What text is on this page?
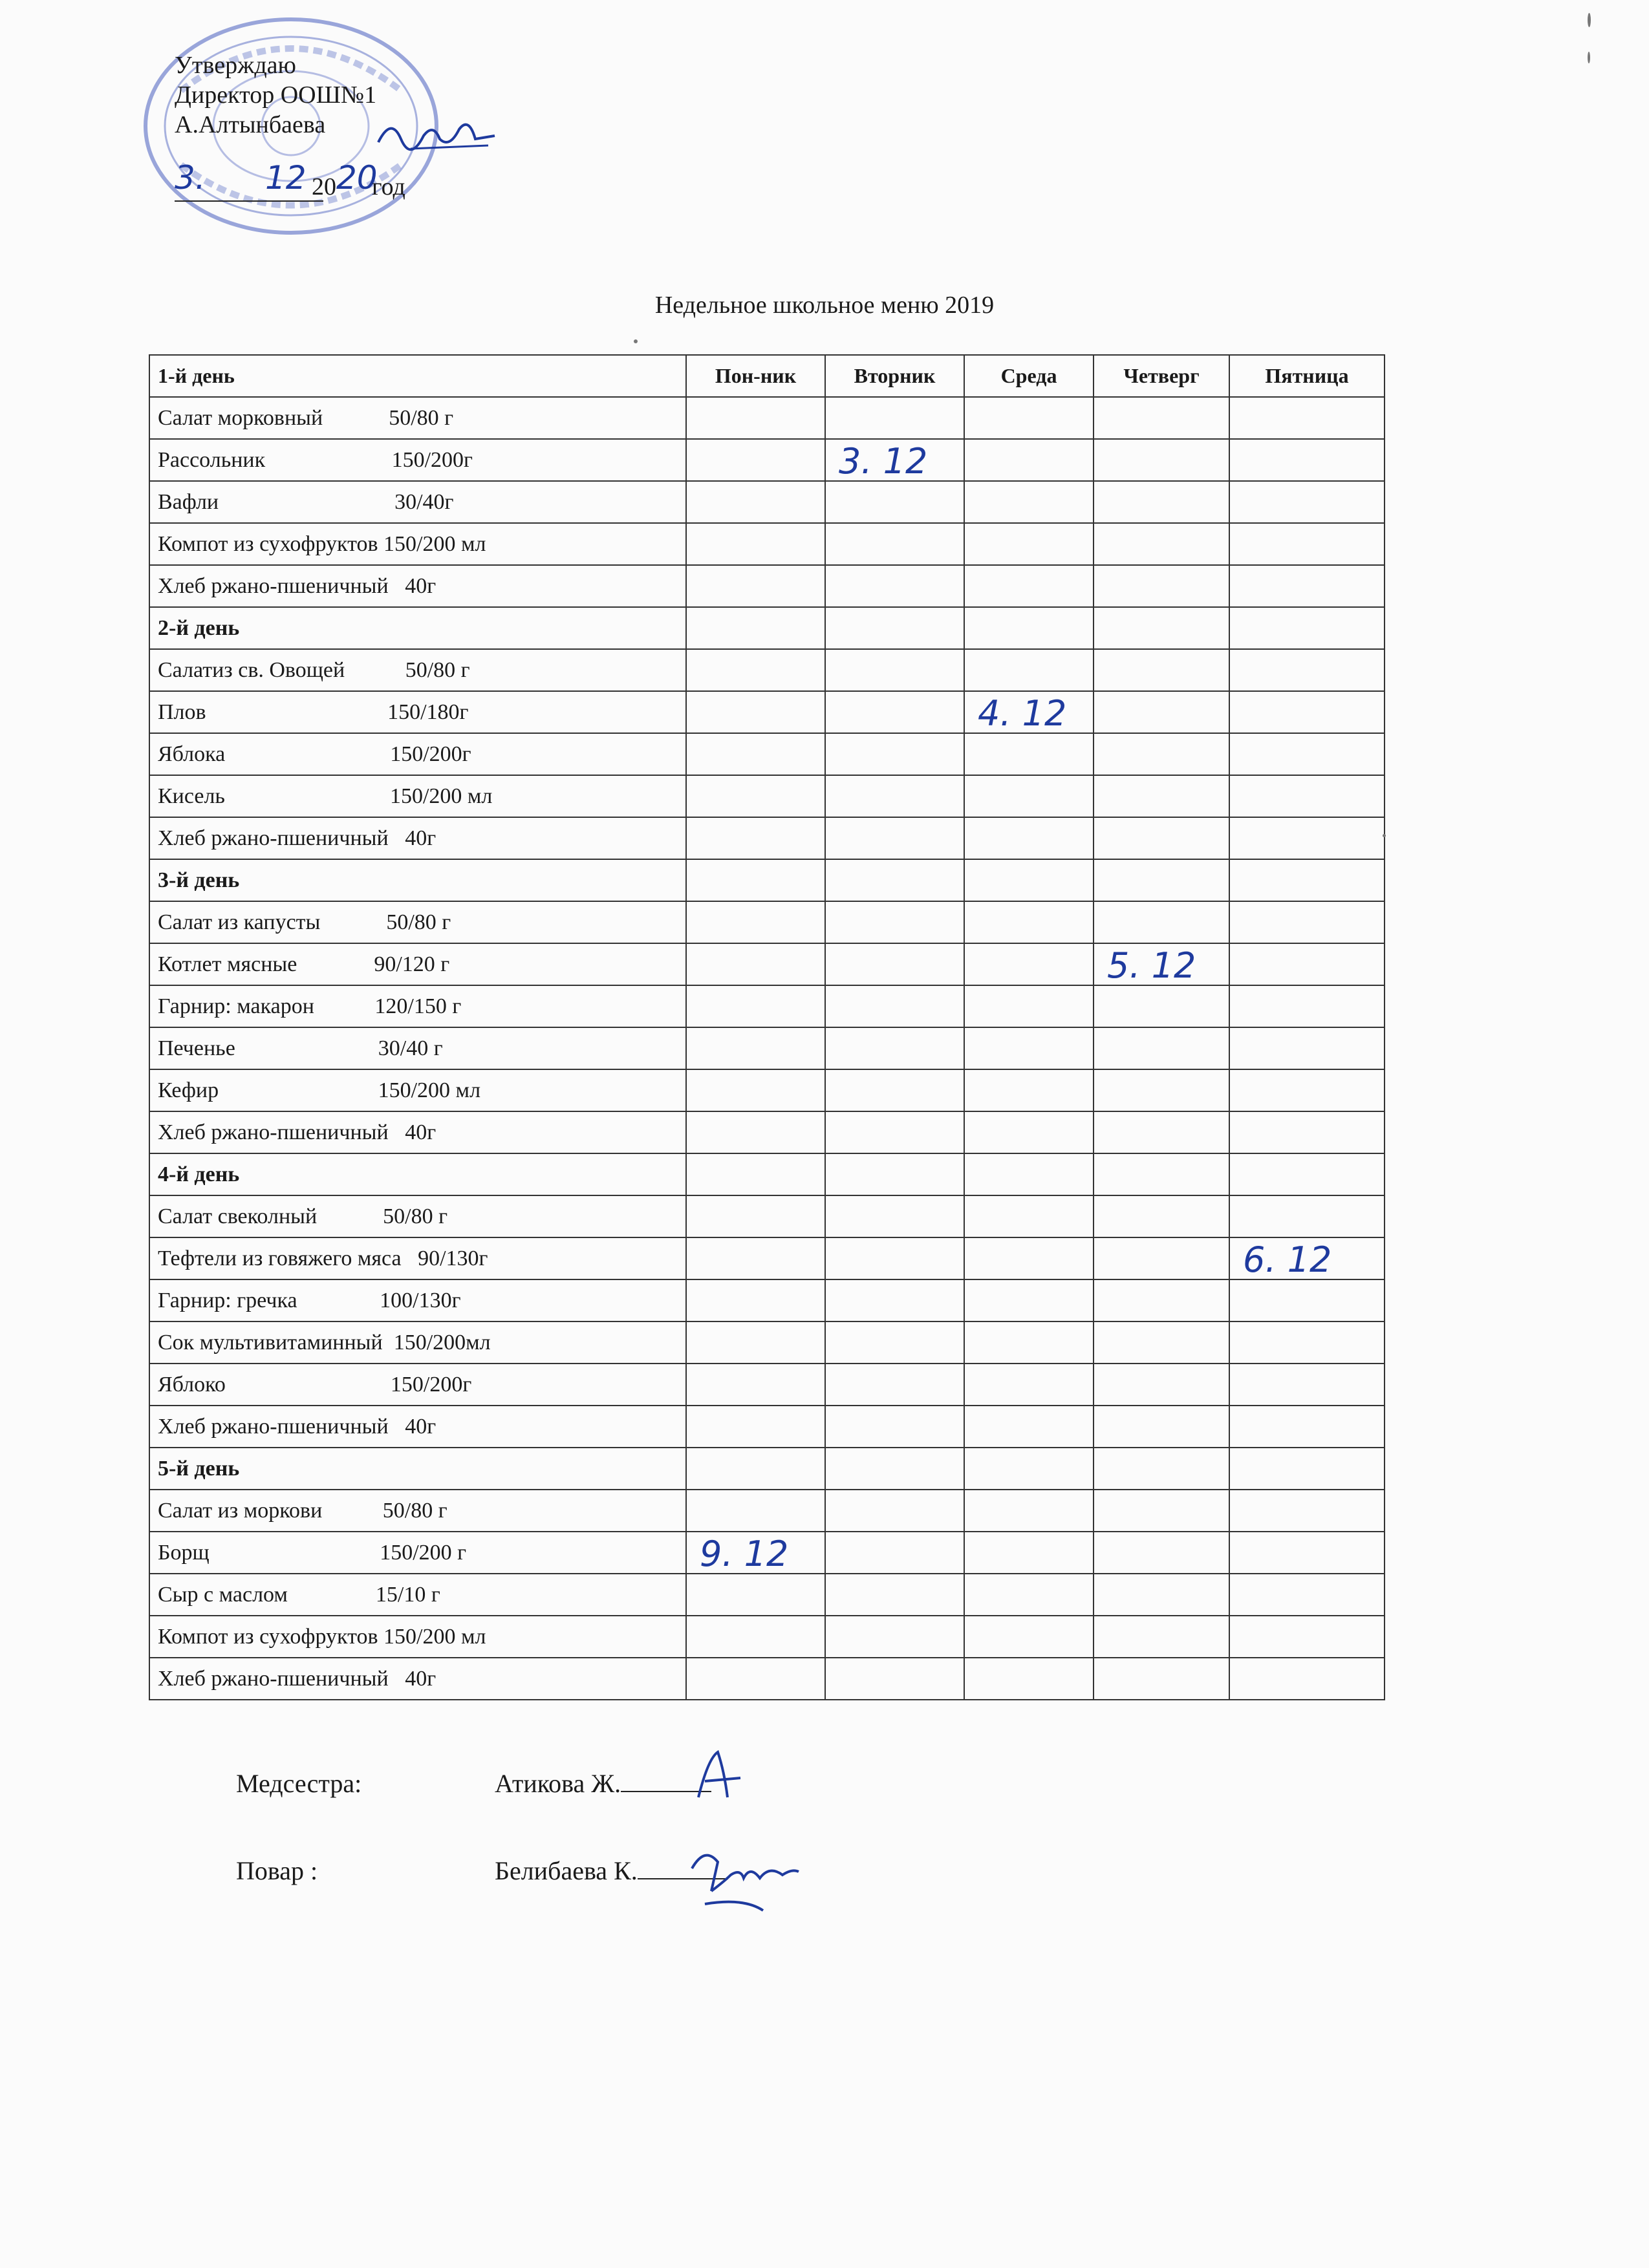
Утверждаю
Директор ООШ№1
А.Алтынбаева
3. 12 20 20
год
Недельное школьное меню 2019
1-й день	Пон-ник	Вторник	Среда	Четверг	Пятница
Салат морковный            50/80 г					
Рассольник                       150/200г		3. 12			

Вафли                                30/40г					
Компот из сухофруктов 150/200 мл					
Хлеб ржано-пшеничный   40г					
2-й день					
Салатиз св. Овощей           50/80 г					
Плов                                 150/180г			4. 12		

Яблока                              150/200г					
Кисель                              150/200 мл					
Хлеб ржано-пшеничный   40г					
3-й день					
Салат из капусты            50/80 г					
Котлет мясные              90/120 г				5. 12	

Гарнир: макарон           120/150 г					
Печенье                          30/40 г					
Кефир                             150/200 мл					
Хлеб ржано-пшеничный   40г					
4-й день					
Салат свеколный            50/80 г					
Тефтели из говяжего мяса   90/130г					6. 12

Гарнир: гречка               100/130г					
Сок мультивитаминный  150/200мл					
Яблоко                              150/200г					
Хлеб ржано-пшеничный   40г					
5-й день					
Салат из моркови           50/80 г					
Борщ                               150/200 г	9. 12				

Сыр с маслом                15/10 г					
Компот из сухофруктов 150/200 мл					
Хлеб ржано-пшеничный   40г					
Медсестра:	Атикова Ж.
Повар :	Белибаева К.
